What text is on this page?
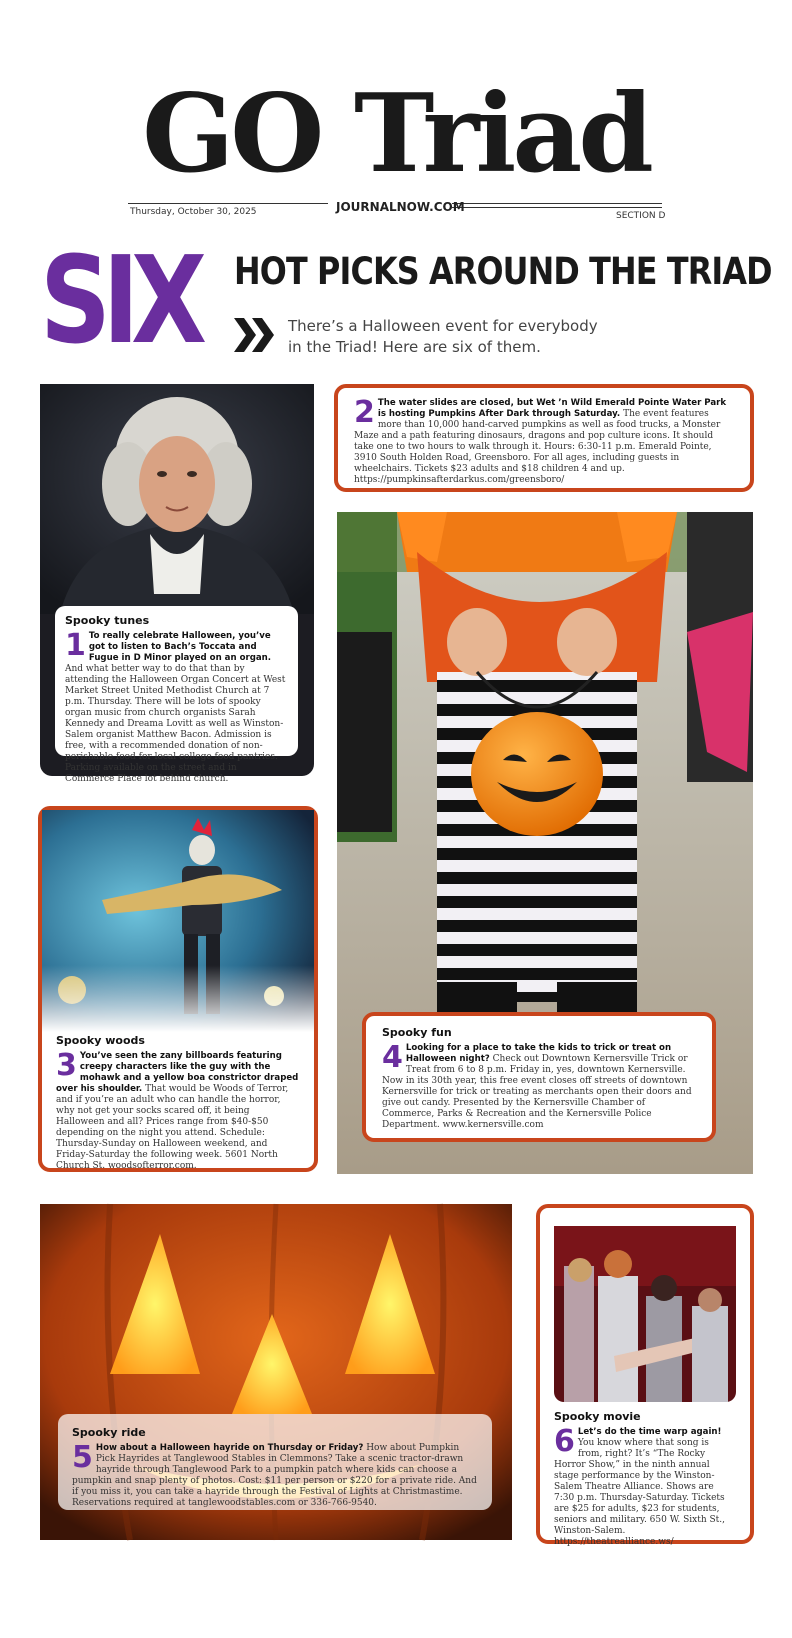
GO Triad
Thursday, October 30, 2025	JOURNALNOW.COM
SECTION D
SIX HOT PICKS AROUND THE TRIAD
There’s a Halloween event for everybody
in the Triad! Here are six of them.
Spooky tunes
1 To really celebrate Halloween, you’ve got to listen to Bach’s Toccata and Fugue in D Minor played on an organ. And what better way to do that than by attending the Halloween Organ Concert at West Market Street United Methodist Church at 7 p.m. Thursday. There will be lots of spooky organ music from church organists Sarah Kennedy and Dreama Lovitt as well as Winston-Salem organist Matthew Bacon. Admission is free, with a recommended donation of non-perishable food for local college food pantries. Parking available on the street and in Commerce Place lot behind church.
2 The water slides are closed, but Wet ’n Wild Emerald Pointe Water Park is hosting Pumpkins After Dark through Saturday. The event features more than 10,000 hand-carved pumpkins as well as food trucks, a Monster Maze and a path featuring dinosaurs, dragons and pop culture icons. It should take one to two hours to walk through it. Hours: 6:30-11 p.m. Emerald Pointe, 3910 South Holden Road, Greensboro. For all ages, including guests in wheelchairs. Tickets $23 adults and $18 children 4 and up. https://pumpkinsafterdarkus.com/greensboro/
Spooky fun
4 Looking for a place to take the kids to trick or treat on Halloween night? Check out Downtown Kernersville Trick or Treat from 6 to 8 p.m. Friday in, yes, downtown Kernersville. Now in its 30th year, this free event closes off streets of downtown Kernersville for trick or treating as merchants open their doors and give out candy. Presented by the Kernersville Chamber of Commerce, Parks & Recreation and the Kernersville Police Department. www.kernersville.com
Spooky woods
3 You’ve seen the zany billboards featuring creepy characters like the guy with the mohawk and a yellow boa constrictor draped over his shoulder. That would be Woods of Terror, and if you’re an adult who can handle the horror, why not get your socks scared off, it being Halloween and all? Prices range from $40-$50 depending on the night you attend. Schedule: Thursday-Sunday on Halloween weekend, and Friday-Saturday the following week. 5601 North Church St. woodsofterror.com.
Spooky ride
5 How about a Halloween hayride on Thursday or Friday? How about Pumpkin Pick Hayrides at Tanglewood Stables in Clemmons? Take a scenic tractor-drawn hayride through Tanglewood Park to a pumpkin patch where kids can choose a pumpkin and snap plenty of photos. Cost: $11 per person or $220 for a private ride. And if you miss it, you can take a hayride through the Festival of Lights at Christmastime. Reservations required at tanglewoodstables.com or 336-766-9540.
Spooky movie
6 Let’s do the time warp again! You know where that song is from, right? It’s “The Rocky Horror Show,” in the ninth annual stage performance by the Winston-Salem Theatre Alliance. Shows are 7:30 p.m. Thursday-Saturday. Tickets are $25 for adults, $23 for students, seniors and military. 650 W. Sixth St., Winston-Salem. https://theatrealliance.ws/
